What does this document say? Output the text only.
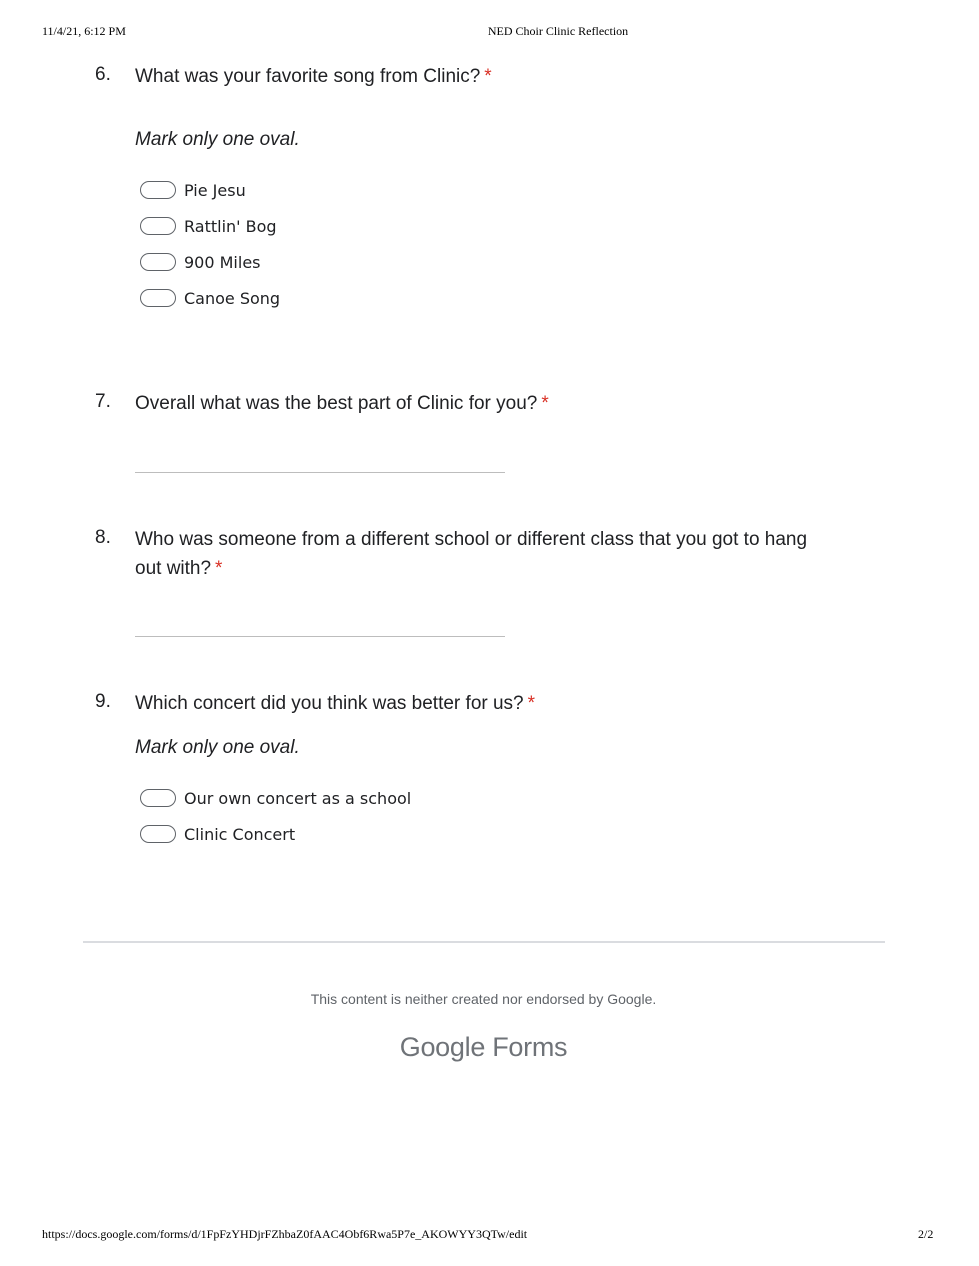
11/4/21, 6:12 PM	NED Choir Clinic Reflection
6. What was your favorite song from Clinic? *
Mark only one oval.
Pie Jesu
Rattlin' Bog
900 Miles
Canoe Song
7. Overall what was the best part of Clinic for you? *
8. Who was someone from a different school or different class that you got to hang
out with? *
9. Which concert did you think was better for us? *
Mark only one oval.
Our own concert as a school
Clinic Concert
This content is neither created nor endorsed by Google.
Google Forms
https://docs.google.com/forms/d/1FpFzYHDjrFZhbaZ0fAAC4Obf6Rwa5P7e_AKOWYY3QTw/edit	2/2
